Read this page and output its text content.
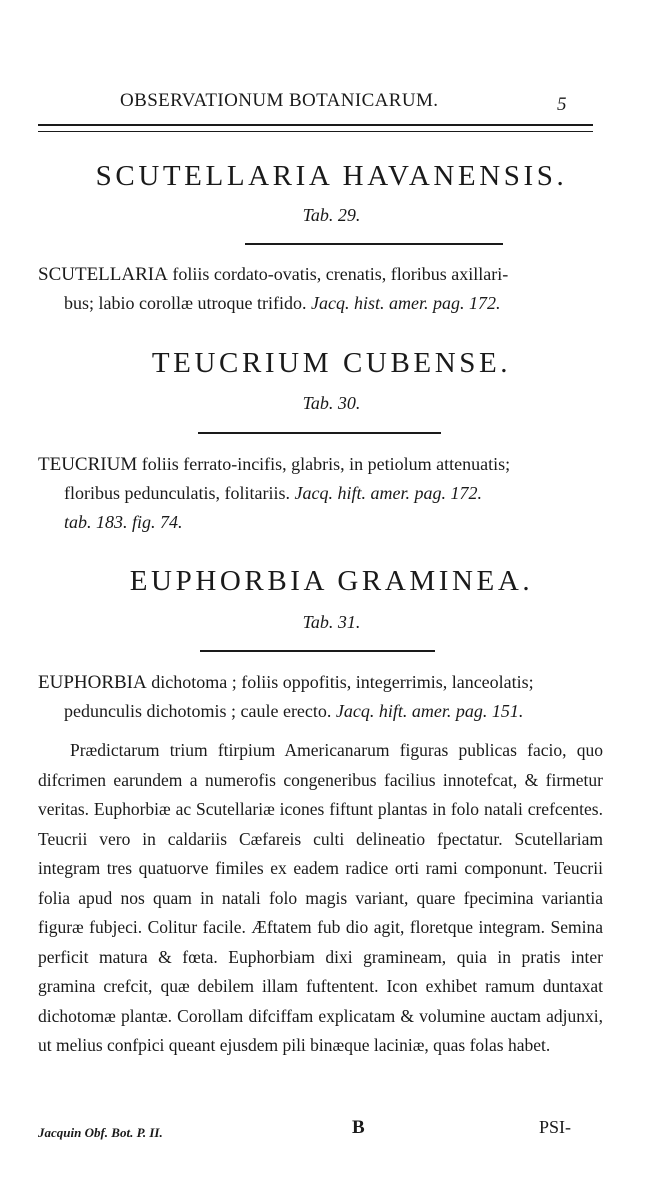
OBSERVATIONUM BOTANICARUM.	5
SCUTELLARIA HAVANENSIS.
Tab. 29.
SCUTELLARIA foliis cordato-ovatis, crenatis, floribus axillari-
bus; labio corollæ utroque trifido. Jacq. hist. amer. pag. 172.
TEUCRIUM CUBENSE.
Tab. 30.
TEUCRIUM foliis ferrato-incifis, glabris, in petiolum attenuatis;
floribus pedunculatis, folitariis. Jacq. hift. amer. pag. 172.
tab. 183. fig. 74.
EUPHORBIA GRAMINEA.
Tab. 31.
EUPHORBIA dichotoma ; foliis oppofitis, integerrimis, lanceolatis;
pedunculis dichotomis ; caule erecto. Jacq. hift. amer. pag. 151.
Prædictarum trium ftirpium Americanarum figuras publicas facio, quo difcrimen earundem a numerofis congeneribus facilius innotefcat, & firmetur veritas. Euphorbiæ ac Scutellariæ icones fiftunt plantas in folo natali crefcentes. Teucrii vero in caldariis Cæfareis culti delineatio fpectatur. Scutellariam integram tres quatuorve fimiles ex eadem radice orti rami componunt. Teucrii folia apud nos quam in natali folo magis variant, quare fpecimina variantia figuræ fubjeci. Colitur facile. Æftatem fub dio agit, floretque integram. Semina perficit matura & fœta. Euphorbiam dixi gramineam, quia in pratis inter gramina crefcit, quæ debilem illam fuftentent. Icon exhibet ramum duntaxat dichotomæ plantæ. Corollam difciffam explicatam & volumine auctam adjunxi, ut melius confpici queant ejusdem pili binæque laciniæ, quas folas habet.
Jacquin Obf. Bot. P. II.	B	PSI-
